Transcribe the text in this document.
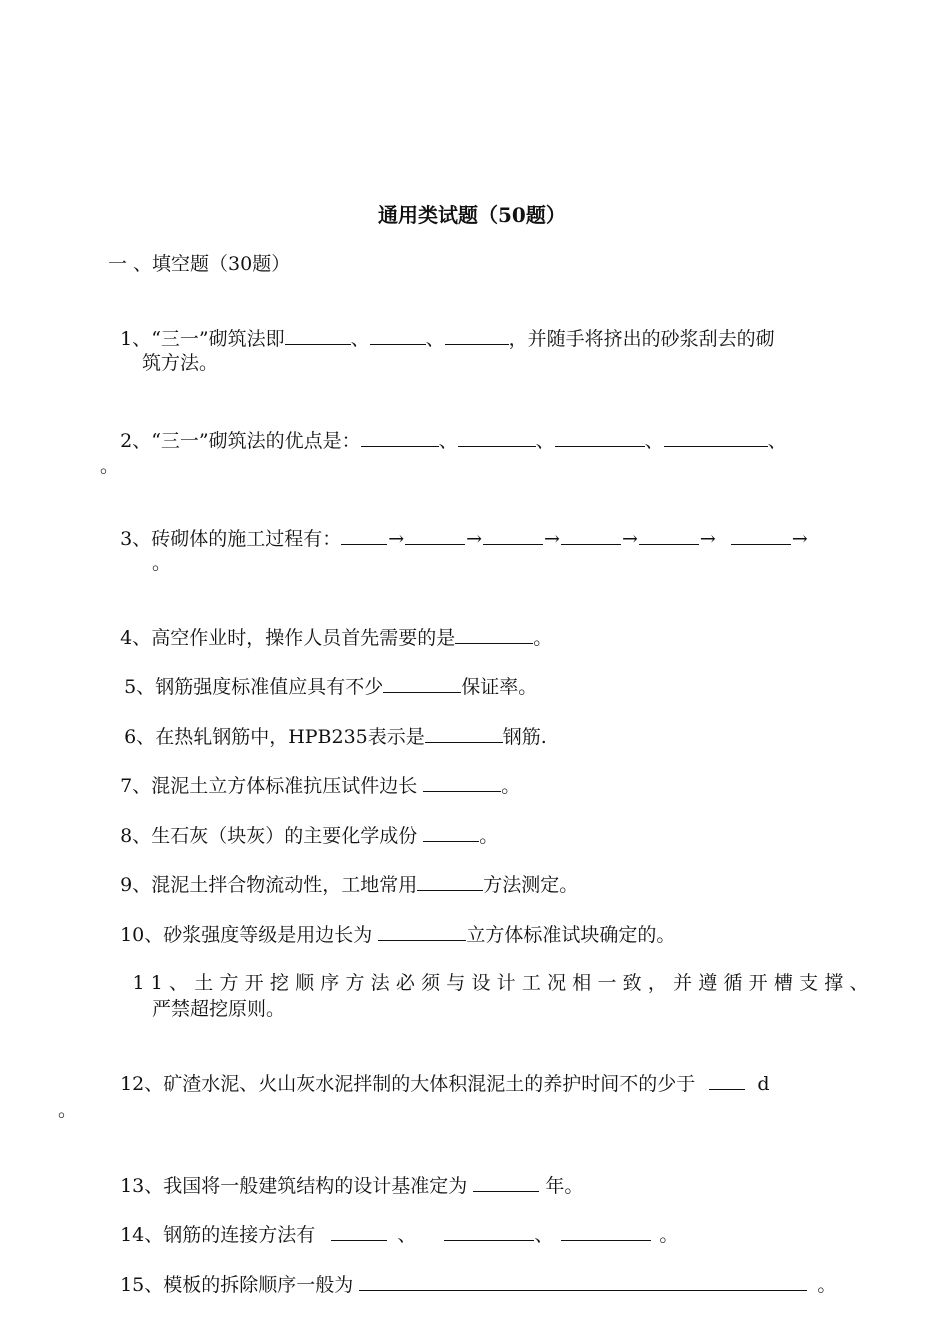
通用类试题（50题）
一 、填空题（30题）

1、“三一”砌筑法即	、	、	，并随手将挤出的砂浆刮去的砌

筑方法。

2、“三一”砌筑法的优点是：	、	、	、	、

。

3、砖砌体的施工过程有： →	→	→	→	→	→

。

4、高空作业时，操作人员首先需要的是	。

5、钢筋强度标准值应具有不少	保证率。

6、在热轧钢筋中，HPB235表示是	钢筋.

7、混泥土立方体标准抗压试件边长	。

8、生石灰（块灰）的主要化学成份	。

9、混泥土拌合物流动性，工地常用	方法测定。

10、砂浆强度等级是用边长为	立方体标准试块确定的。

11、土方开挖顺序方法必须与设计工况相一致，并遵循开槽支撑、

严禁超挖原则。

12、矿渣水泥、火山灰水泥拌制的大体积混泥土的养护时间不的少于	d

。

13、我国将一般建筑结构的设计基准定为	年。

14、钢筋的连接方法有	、	、	。

15、模板的拆除顺序一般为	。
